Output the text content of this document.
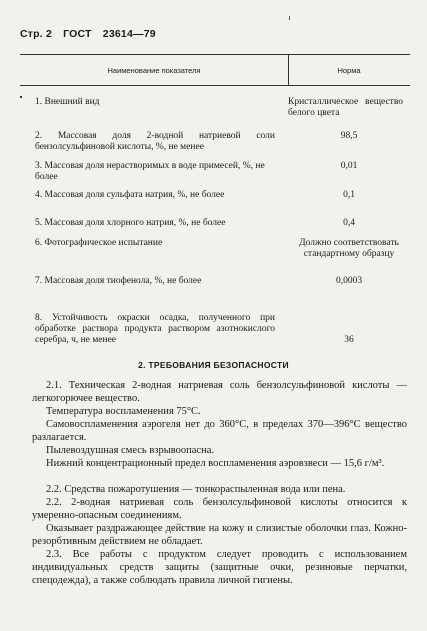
Стр. 2 ГОСТ 23614—79
Наименование показателя	Норма
1. Внешний вид	Кристаллическое вещество белого цвета
2. Массовая доля 2-водной натриевой соли бензолсульфиновой кислоты, %, не менее
98,5
3. Массовая доля нерастворимых в воде примесей, %, не более
0,01
4. Массовая доля сульфата натрия, %, не более	0,1
5. Массовая доля хлорного натрия, %, не более	0,4
6. Фотографическое испытание	Должно соответствовать стандартному образцу
7. Массовая доля тиофенола, %, не более	0,0003
8. Устойчивость окраски осадка, полученного при обработке раствора продукта раствором азотнокислого серебра, ч, не менее	36
2. ТРЕБОВАНИЯ БЕЗОПАСНОСТИ
2.1. Техническая 2-водная натриевая соль бензолсульфиновой кислоты — легкогорючее вещество.
Температура воспламенения 75°С.
Самовоспламенения аэрогеля нет до 360°С, в пределах 370—396°С вещество разлагается.
Пылевоздушная смесь взрывоопасна.
Нижний концентрационный предел воспламенения аэровзвеси — 15,6 г/м³.
2.2. Средства пожаротушения — тонкораспыленная вода или пена.
2.2. 2-водная натриевая соль бензолсульфиновой кислоты относится к умеренно-опасным соединениям.
Оказывает раздражающее действие на кожу и слизистые оболочки глаз. Кожно-резорбтивным действием не обладает.
2.3. Все работы с продуктом следует проводить с использованием индивидуальных средств защиты (защитные очки, резиновые перчатки, спецодежда), а также соблюдать правила личной гигиены.
